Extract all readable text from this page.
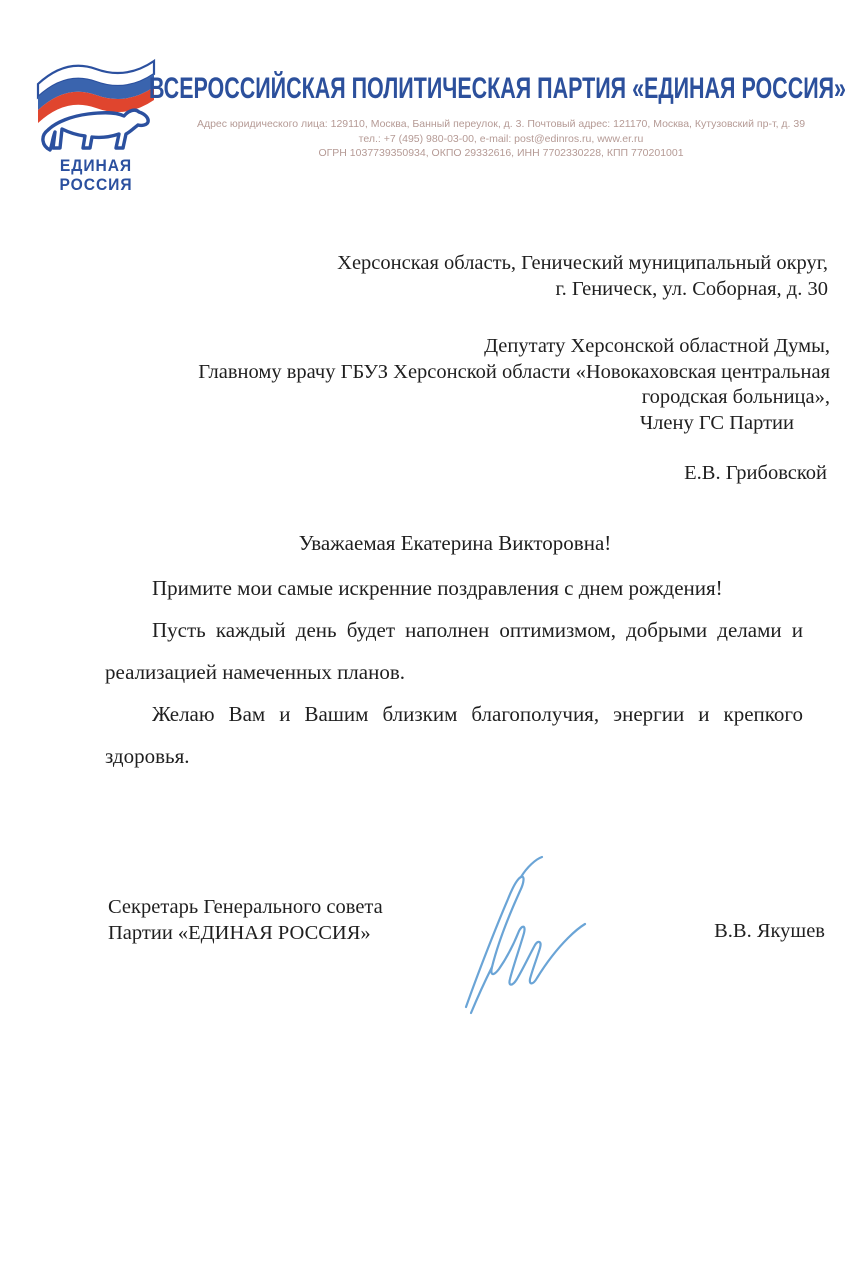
ЕДИНАЯ
РОССИЯ
ВСЕРОССИЙСКАЯ ПОЛИТИЧЕСКАЯ ПАРТИЯ «ЕДИНАЯ РОССИЯ»
Адрес юридического лица: 129110, Москва, Банный переулок, д. 3. Почтовый адрес: 121170, Москва, Кутузовский пр-т, д. 39
тел.: +7 (495) 980-03-00, e-mail: post@edinros.ru, www.er.ru
ОГРН 1037739350934, ОКПО 29332616, ИНН 7702330228, КПП 770201001
Херсонская область, Генический муниципальный округ,
г. Геническ, ул. Соборная, д. 30
Депутату Херсонской областной Думы,
Главному врачу ГБУЗ Херсонской области «Новокаховская центральная
городская больница»,
Члену ГС Партии
Е.В. Грибовской
Уважаемая Екатерина Викторовна!

Примите мои самые искренние поздравления с днем рождения!

Пусть каждый день будет наполнен оптимизмом, добрыми делами и реализацией намеченных планов.

Желаю Вам и Вашим близким благополучия, энергии и крепкого здоровья.

Секретарь Генерального совета
Партии «ЕДИНАЯ РОССИЯ»	В.В. Якушев
